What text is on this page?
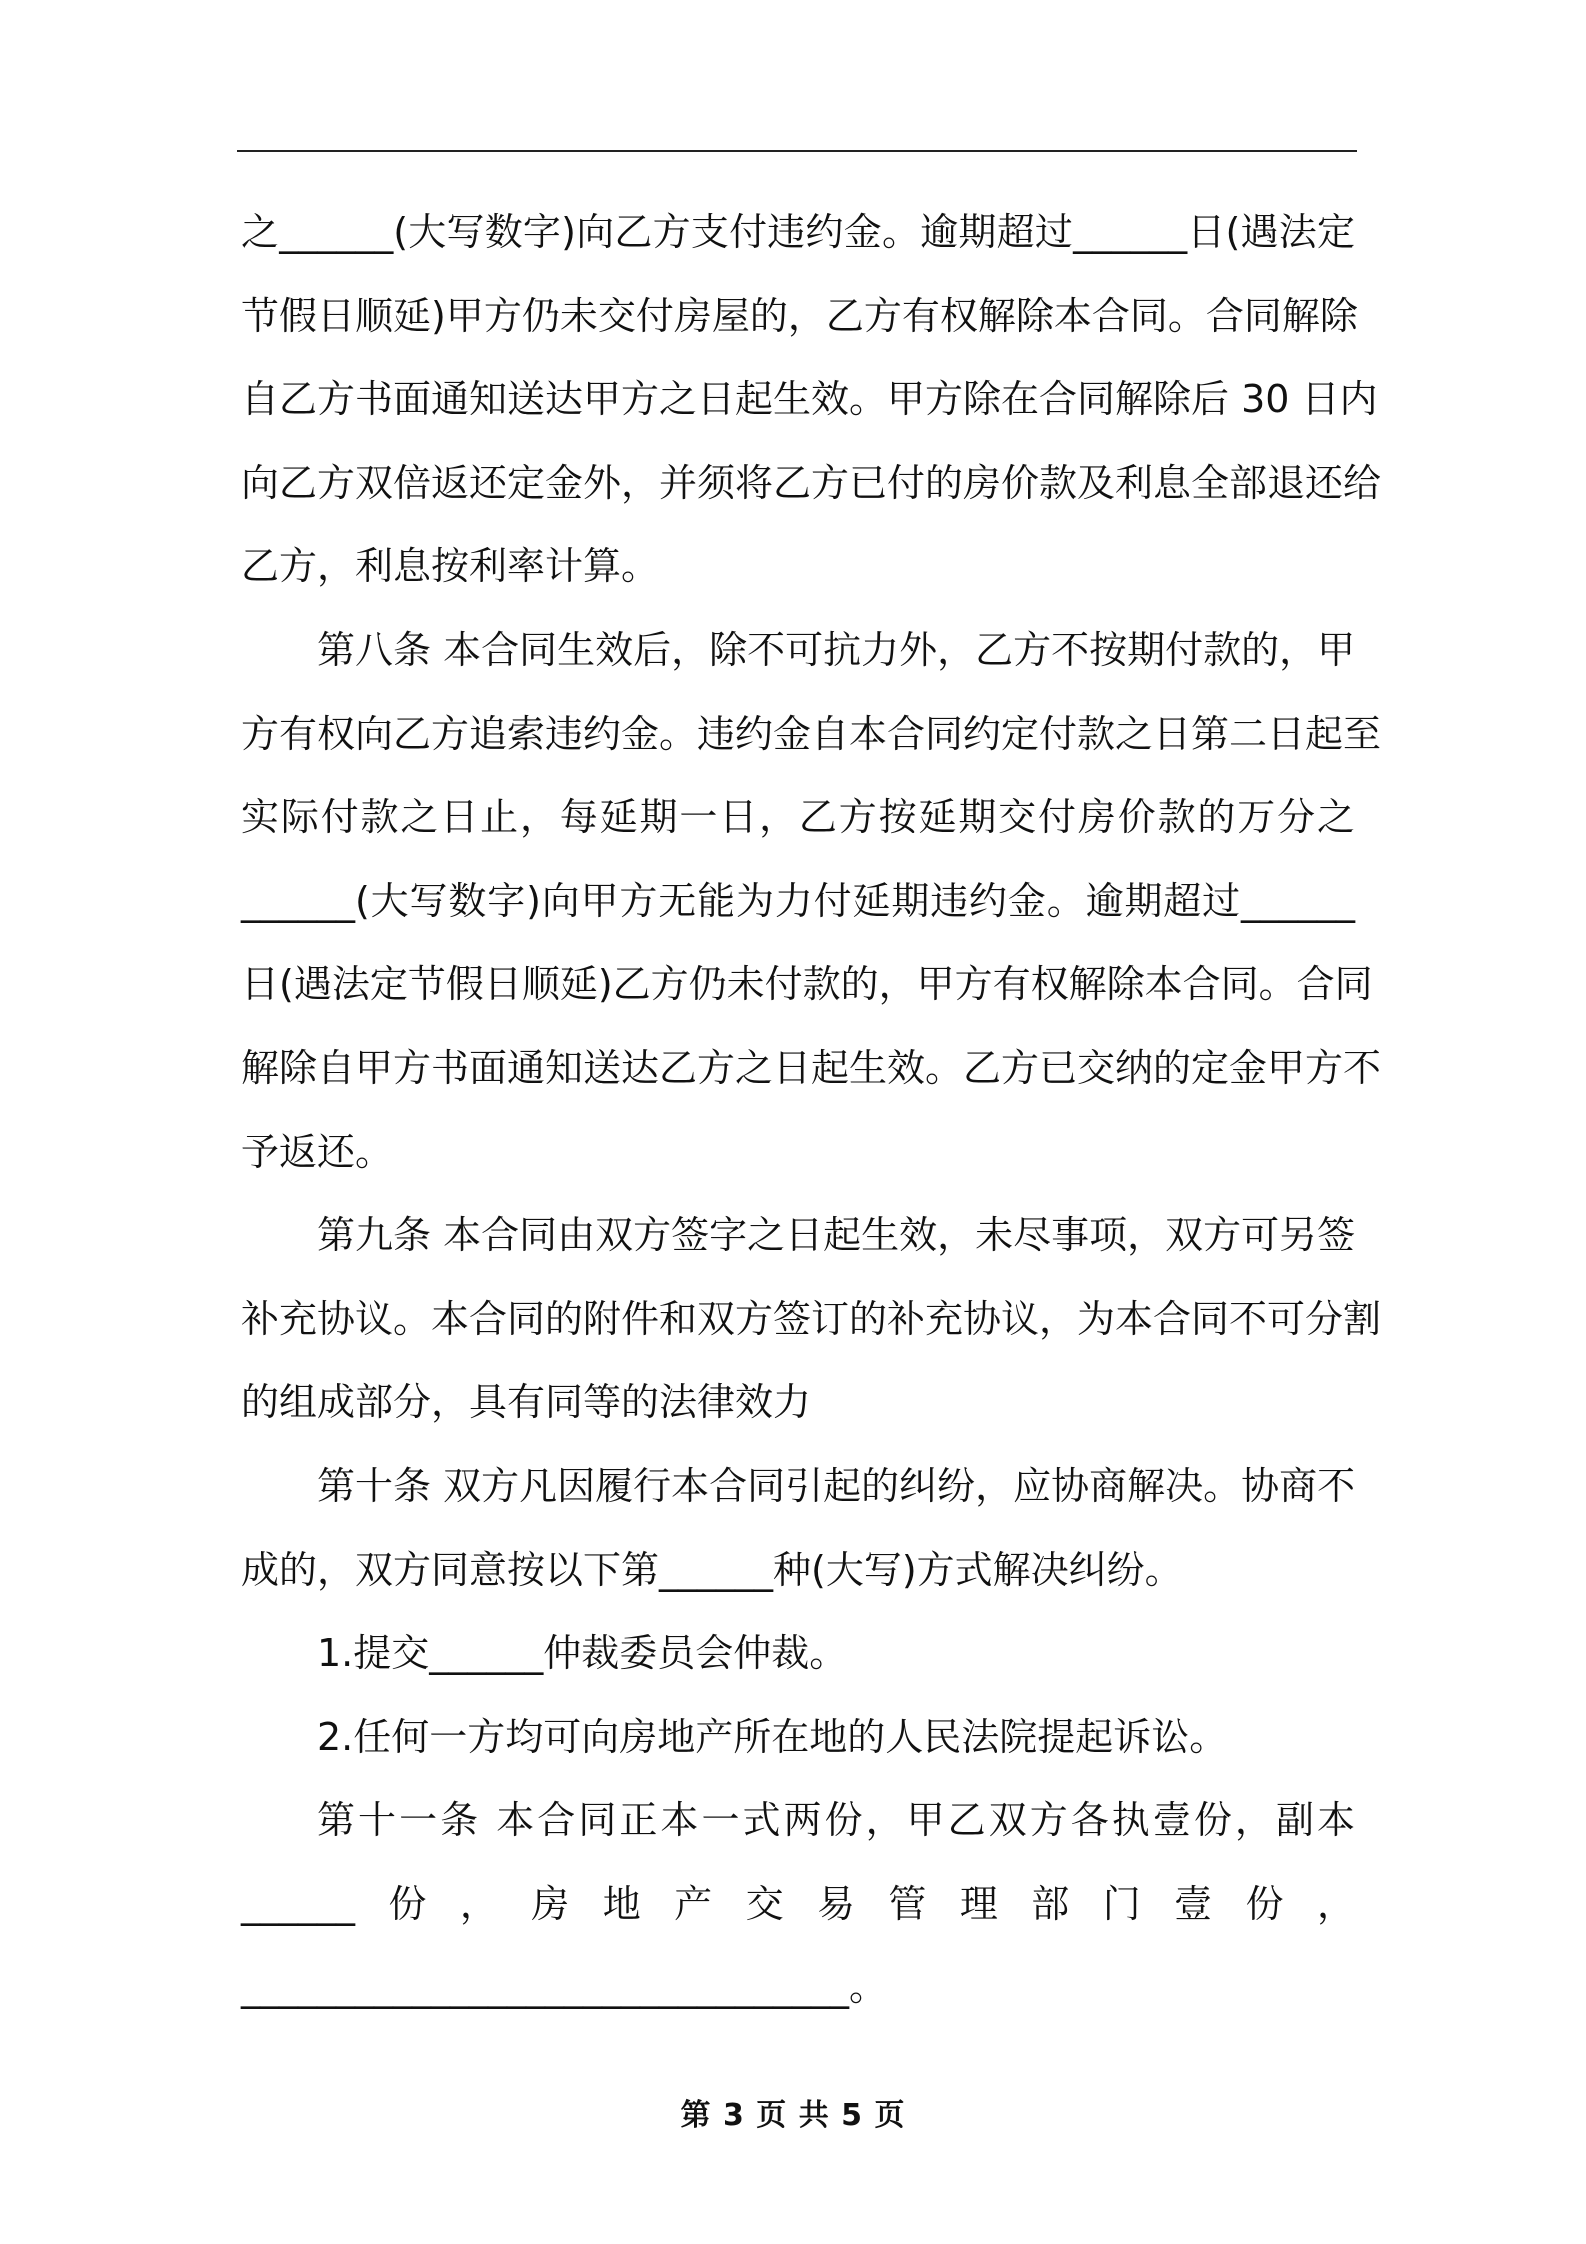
之______(大写数字)向乙方支付违约金。逾期超过______日(遇法定
节假日顺延)甲方仍未交付房屋的，乙方有权解除本合同。合同解除
自乙方书面通知送达甲方之日起生效。甲方除在合同解除后 30 日内
向乙方双倍返还定金外，并须将乙方已付的房价款及利息全部退还给
乙方，利息按利率计算。
第八条 本合同生效后，除不可抗力外，乙方不按期付款的，甲
方有权向乙方追索违约金。违约金自本合同约定付款之日第二日起至
实际付款之日止，每延期一日，乙方按延期交付房价款的万分之
______(大写数字)向甲方无能为力付延期违约金。逾期超过______
日(遇法定节假日顺延)乙方仍未付款的，甲方有权解除本合同。合同
解除自甲方书面通知送达乙方之日起生效。乙方已交纳的定金甲方不
予返还。
第九条 本合同由双方签字之日起生效，未尽事项，双方可另签
补充协议。本合同的附件和双方签订的补充协议，为本合同不可分割
的组成部分，具有同等的法律效力
第十条 双方凡因履行本合同引起的纠纷，应协商解决。协商不
成的，双方同意按以下第______种(大写)方式解决纠纷。
1.提交______仲裁委员会仲裁。
2.任何一方均可向房地产所在地的人民法院提起诉讼。
第十一条 本合同正本一式两份，甲乙双方各执壹份，副本
______份，房地产交易管理部门壹份，
________________________________。
第 3 页 共 5 页
